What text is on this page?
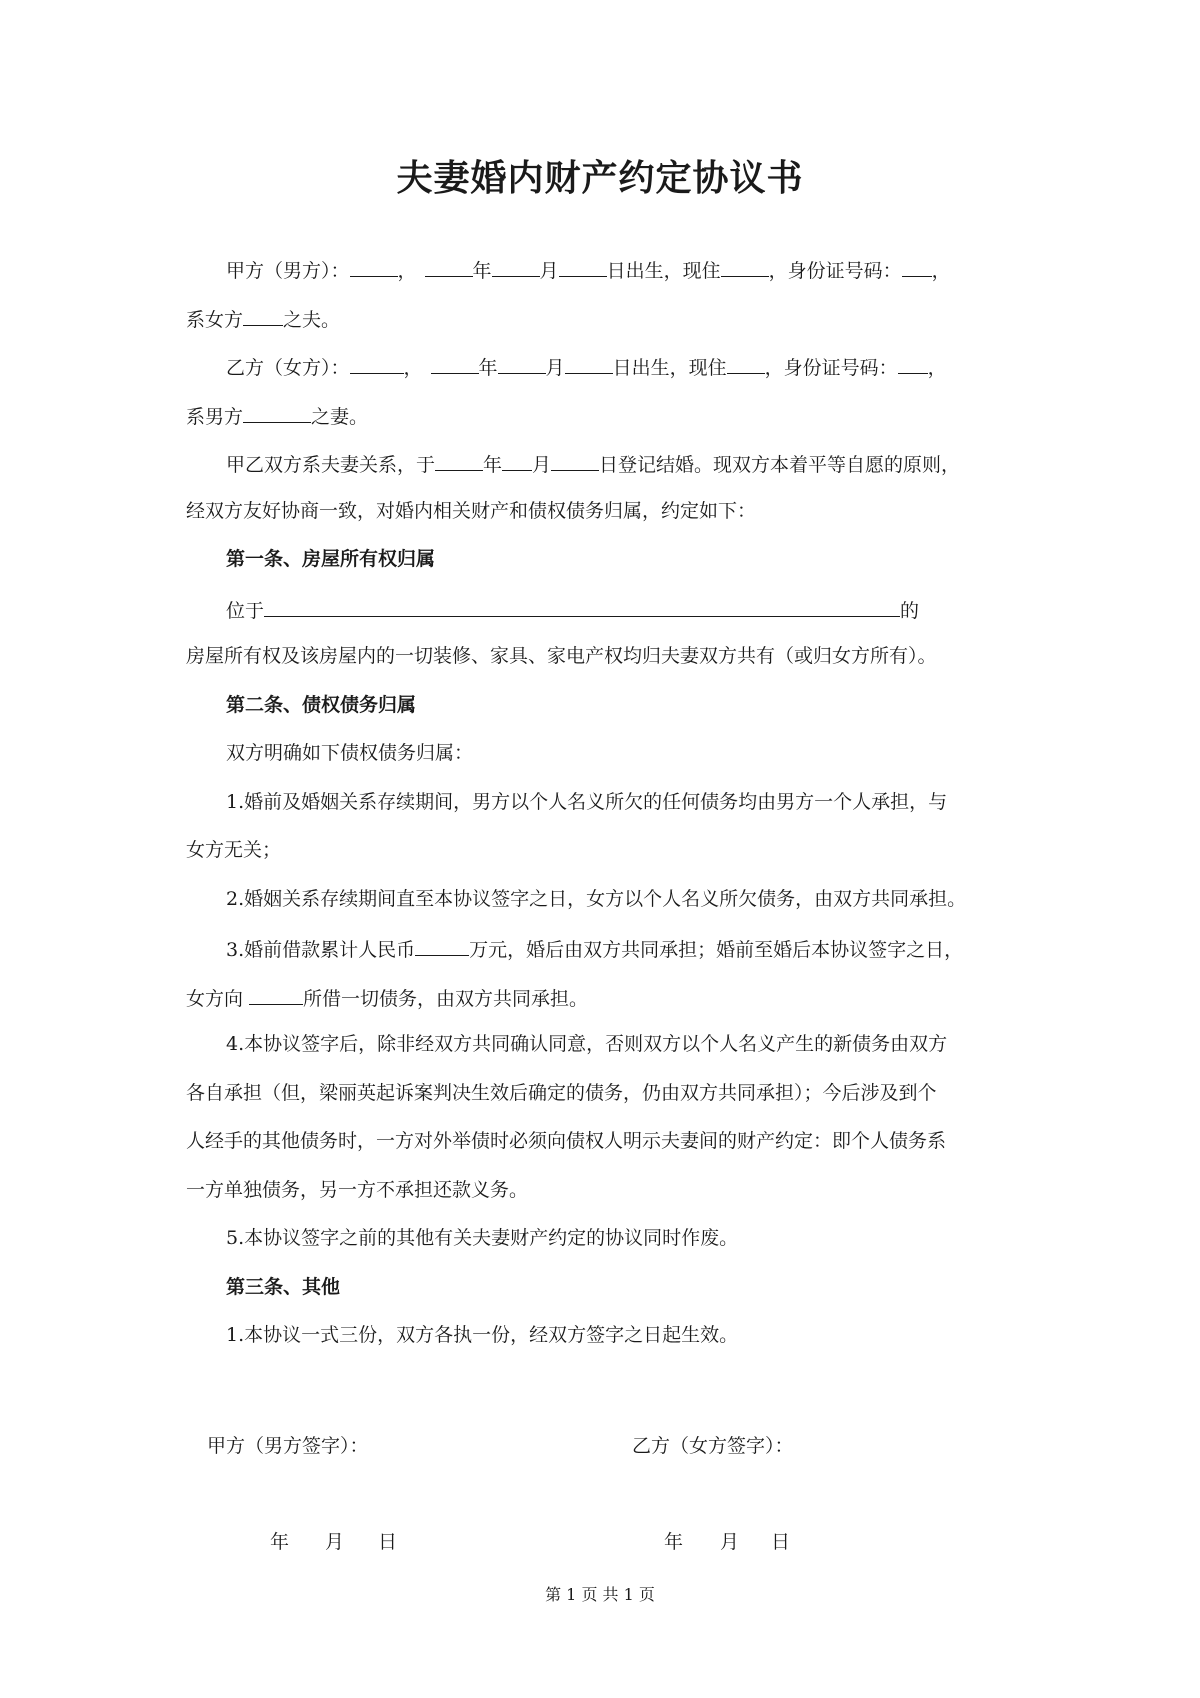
夫妻婚内财产约定协议书
甲方（男方）：	，	年	月	日出生，现住	，身份证号码： ，
系女方 之夫。
乙方（女方）：	，	年	月	日出生，现住 ，身份证号码： ，
系男方	之妻。
甲乙双方系夫妻关系，于	年 月	日登记结婚。现双方本着平等自愿的原则，
经双方友好协商一致，对婚内相关财产和债权债务归属，约定如下：
第一条、房屋所有权归属
位于	的
房屋所有权及该房屋内的一切装修、家具、家电产权均归夫妻双方共有（或归女方所有）。
第二条、债权债务归属
双方明确如下债权债务归属：
1.婚前及婚姻关系存续期间，男方以个人名义所欠的任何债务均由男方一个人承担，与
女方无关；
2.婚姻关系存续期间直至本协议签字之日，女方以个人名义所欠债务，由双方共同承担。
3.婚前借款累计人民币	万元，婚后由双方共同承担；婚前至婚后本协议签字之日，
女方向	所借一切债务，由双方共同承担。
4.本协议签字后，除非经双方共同确认同意，否则双方以个人名义产生的新债务由双方
各自承担（但，梁丽英起诉案判决生效后确定的债务，仍由双方共同承担）；今后涉及到个
人经手的其他债务时，一方对外举债时必须向债权人明示夫妻间的财产约定：即个人债务系
一方单独债务，另一方不承担还款义务。
5.本协议签字之前的其他有关夫妻财产约定的协议同时作废。
第三条、其他
1.本协议一式三份，双方各执一份，经双方签字之日起生效。
甲方（男方签字）：	乙方（女方签字）：
年 月 日	年 月 日
第 1 页 共 1 页
